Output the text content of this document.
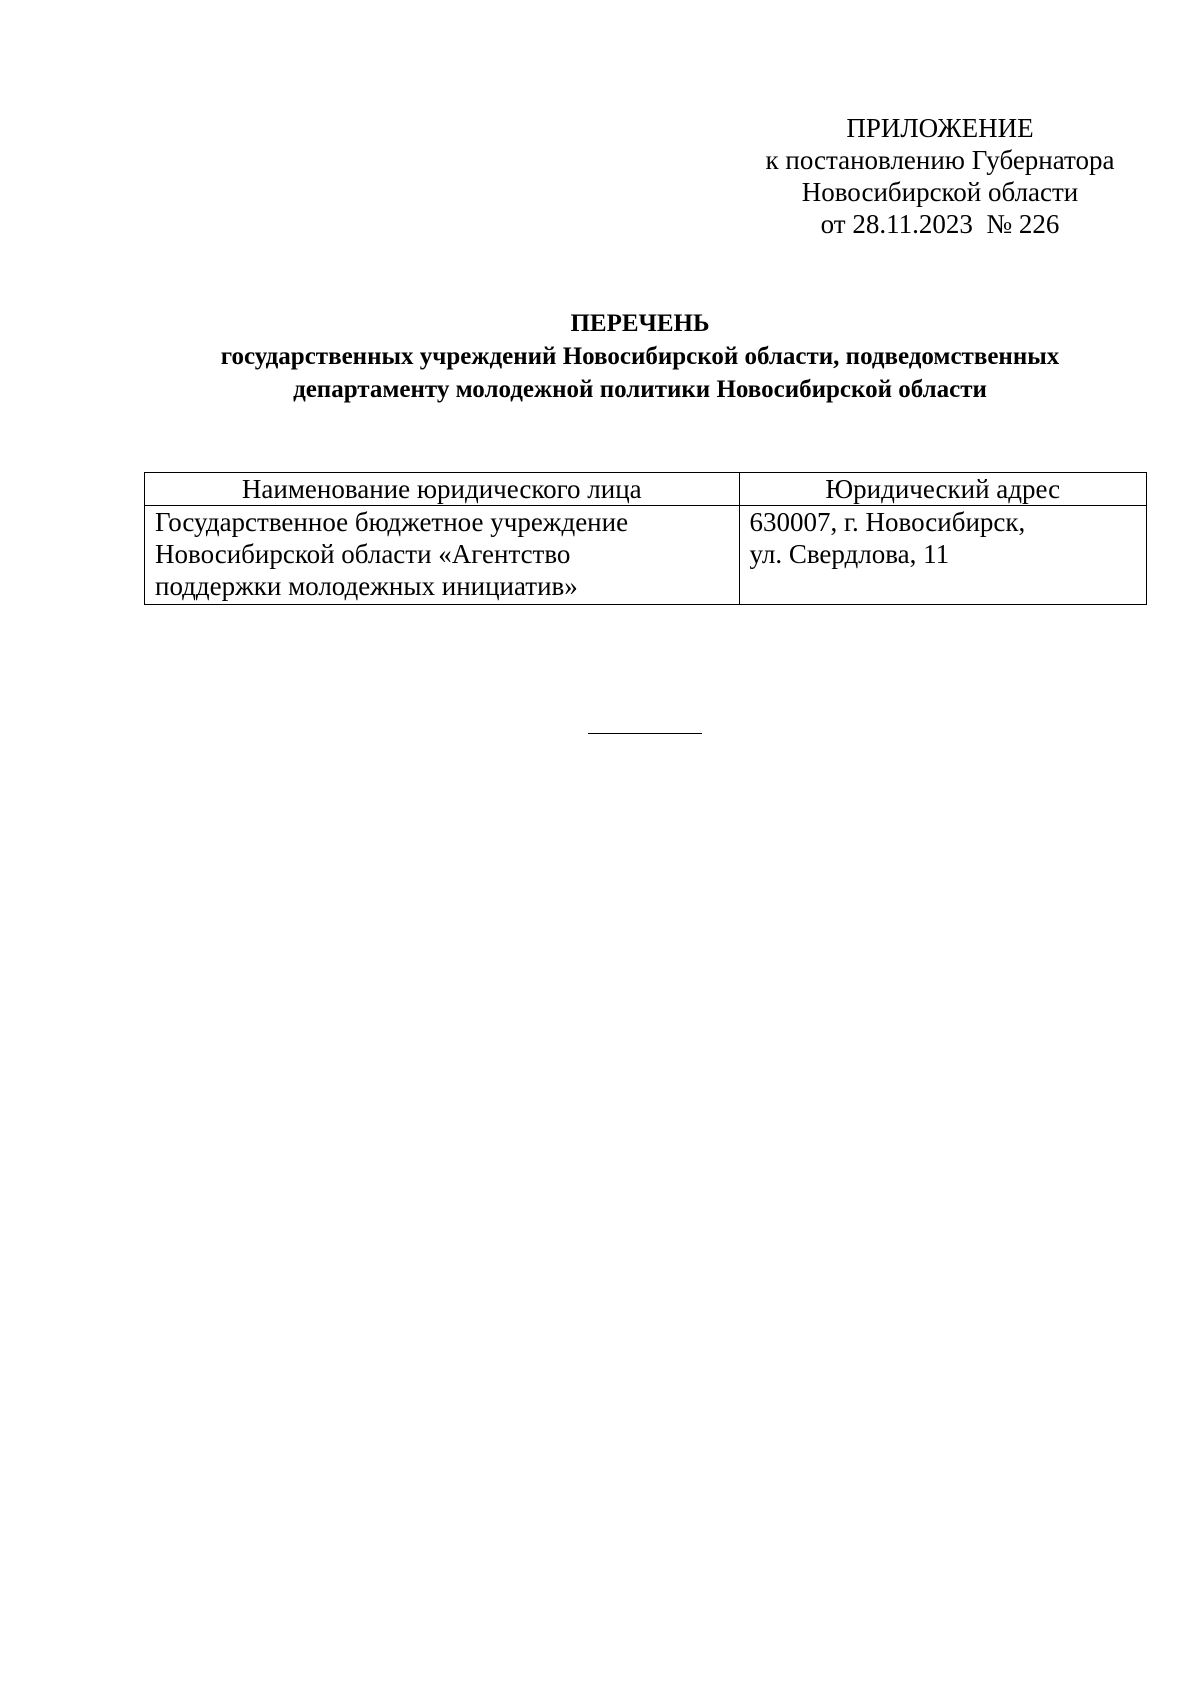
ПРИЛОЖЕНИЕ
к постановлению Губернатора
Новосибирской области
от 28.11.2023  № 226
ПЕРЕЧЕНЬ
государственных учреждений Новосибирской области, подведомственных
департаменту молодежной политики Новосибирской области
Наименование юридического лица	Юридический адрес

Государственное бюджетное учреждение
Новосибирской области «Агентство
поддержки молодежных инициатив»	630007, г. Новосибирск,
ул. Свердлова, 11
